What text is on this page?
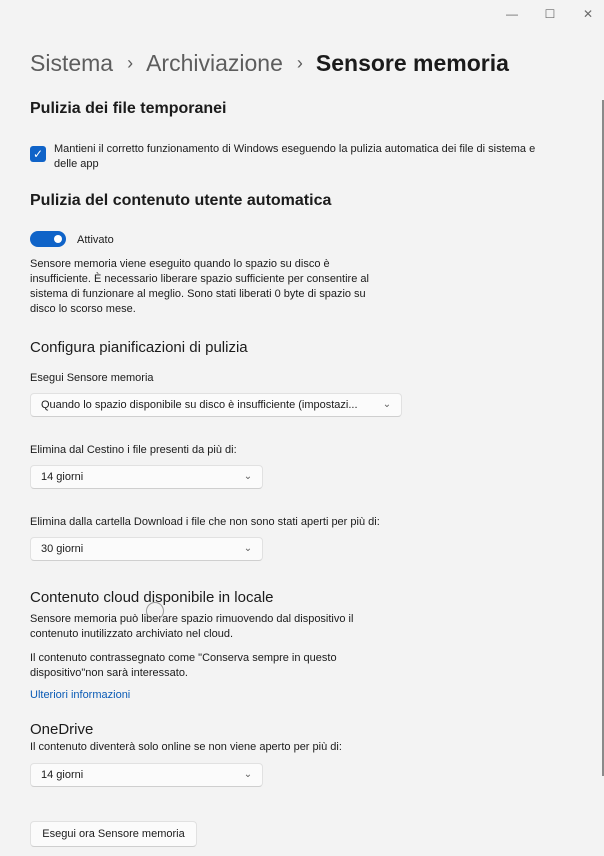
—	☐	✕
Sistema › Archiviazione › Sensore memoria
Pulizia dei file temporanei
✓ Mantieni il corretto funzionamento di Windows eseguendo la pulizia automatica dei file di sistema e
delle app
Pulizia del contenuto utente automatica
Attivato
Sensore memoria viene eseguito quando lo spazio su disco è
insufficiente. È necessario liberare spazio sufficiente per consentire al
sistema di funzionare al meglio. Sono stati liberati 0 byte di spazio su
disco lo scorso mese.
Configura pianificazioni di pulizia
Esegui Sensore memoria
Quando lo spazio disponibile su disco è insufficiente (impostazi...	⌄
Elimina dal Cestino i file presenti da più di:
14 giorni	⌄
Elimina dalla cartella Download i file che non sono stati aperti per più di:
30 giorni	⌄
Contenuto cloud disponibile in locale
Sensore memoria può liberare spazio rimuovendo dal dispositivo il
contenuto inutilizzato archiviato nel cloud.
Il contenuto contrassegnato come "Conserva sempre in questo
dispositivo"non sarà interessato.
Ulteriori informazioni
OneDrive
Il contenuto diventerà solo online se non viene aperto per più di:
14 giorni	⌄
Esegui ora Sensore memoria
